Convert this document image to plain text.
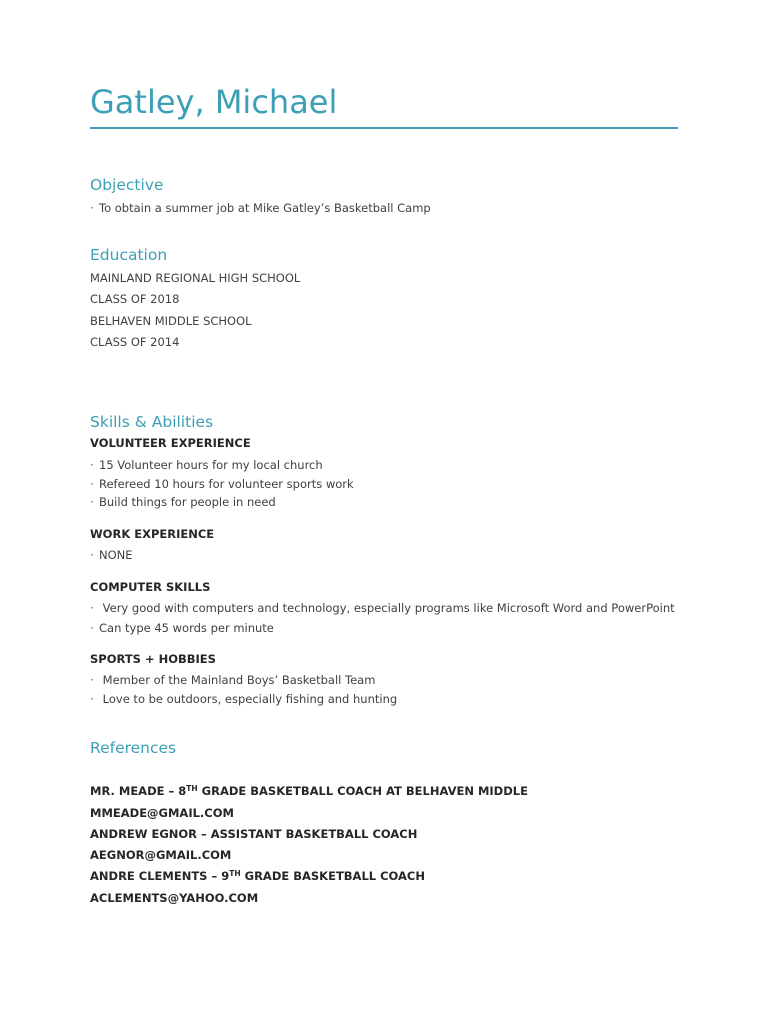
Gatley, Michael
Objective
· To obtain a summer job at Mike Gatley’s Basketball Camp
Education
MAINLAND REGIONAL HIGH SCHOOL
CLASS OF 2018
BELHAVEN MIDDLE SCHOOL
CLASS OF 2014
Skills & Abilities
VOLUNTEER EXPERIENCE
· 15 Volunteer hours for my local church
· Refereed 10 hours for volunteer sports work
· Build things for people in need
WORK EXPERIENCE
· NONE
COMPUTER SKILLS
· Very good with computers and technology, especially programs like Microsoft Word and PowerPoint
· Can type 45 words per minute
SPORTS + HOBBIES
· Member of the Mainland Boys’ Basketball Team
· Love to be outdoors, especially fishing and hunting
References
MR. MEADE – 8TH GRADE BASKETBALL COACH AT BELHAVEN MIDDLE
MMEADE@GMAIL.COM
ANDREW EGNOR – ASSISTANT BASKETBALL COACH
AEGNOR@GMAIL.COM
ANDRE CLEMENTS – 9TH GRADE BASKETBALL COACH
ACLEMENTS@YAHOO.COM
